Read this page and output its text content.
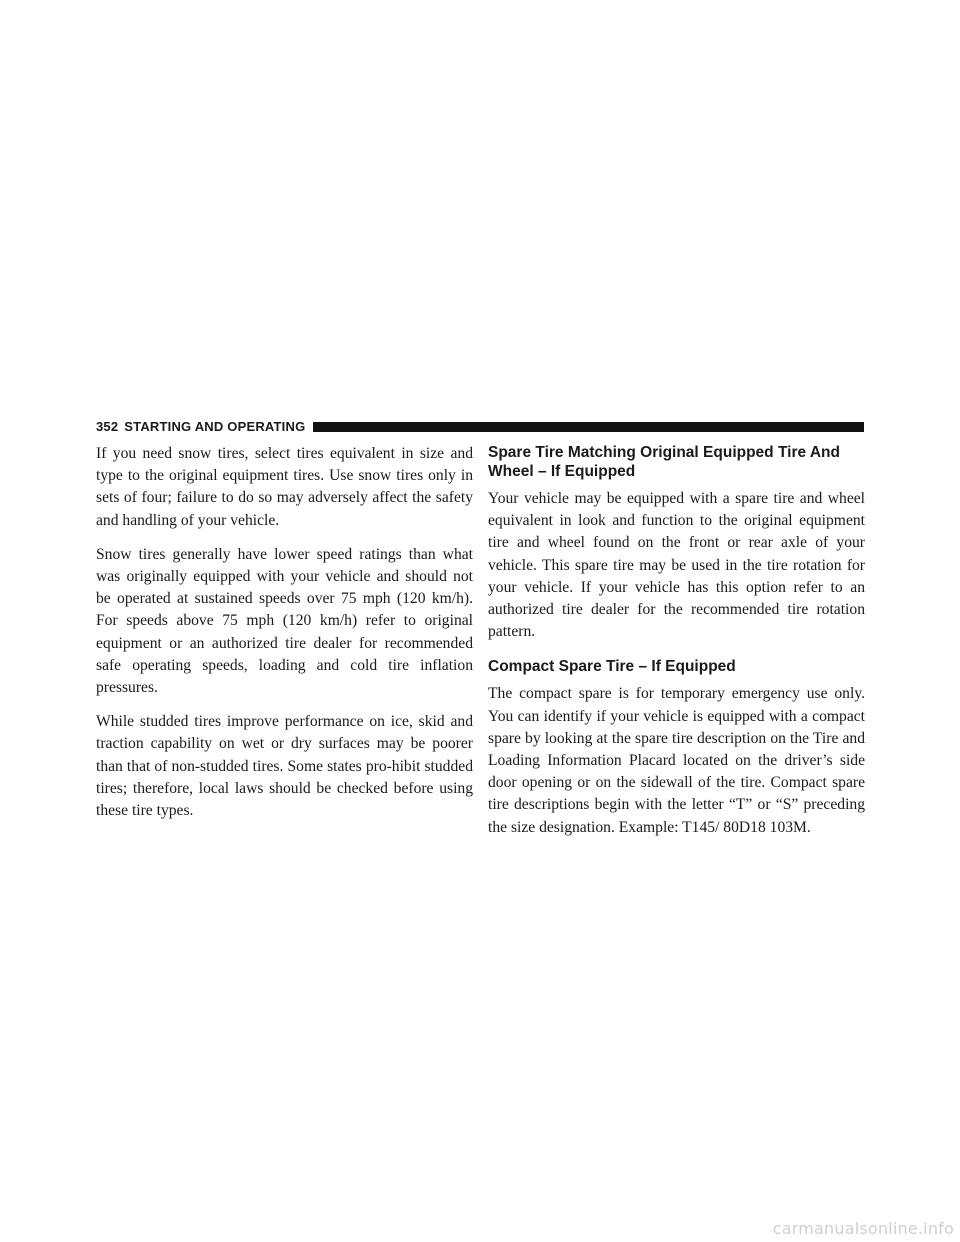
352 STARTING AND OPERATING

If you need snow tires, select tires equivalent in size and type to the original equipment tires. Use snow tires only in sets of four; failure to do so may adversely affect the safety and handling of your vehicle.

Snow tires generally have lower speed ratings than what was originally equipped with your vehicle and should not be operated at sustained speeds over 75 mph (120 km/h). For speeds above 75 mph (120 km/h) refer to original equipment or an authorized tire dealer for recommended safe operating speeds, loading and cold tire inflation pressures.

While studded tires improve performance on ice, skid and traction capability on wet or dry surfaces may be poorer than that of non-studded tires. Some states pro-hibit studded tires; therefore, local laws should be checked before using these tire types.

Spare Tire Matching Original Equipped Tire And Wheel – If Equipped

Your vehicle may be equipped with a spare tire and wheel equivalent in look and function to the original equipment tire and wheel found on the front or rear axle of your vehicle. This spare tire may be used in the tire rotation for your vehicle. If your vehicle has this option refer to an authorized tire dealer for the recommended tire rotation pattern.

Compact Spare Tire – If Equipped

The compact spare is for temporary emergency use only. You can identify if your vehicle is equipped with a compact spare by looking at the spare tire description on the Tire and Loading Information Placard located on the driver’s side door opening or on the sidewall of the tire. Compact spare tire descriptions begin with the letter “T” or “S” preceding the size designation. Example: T145/ 80D18 103M.

carmanualsonline.info
